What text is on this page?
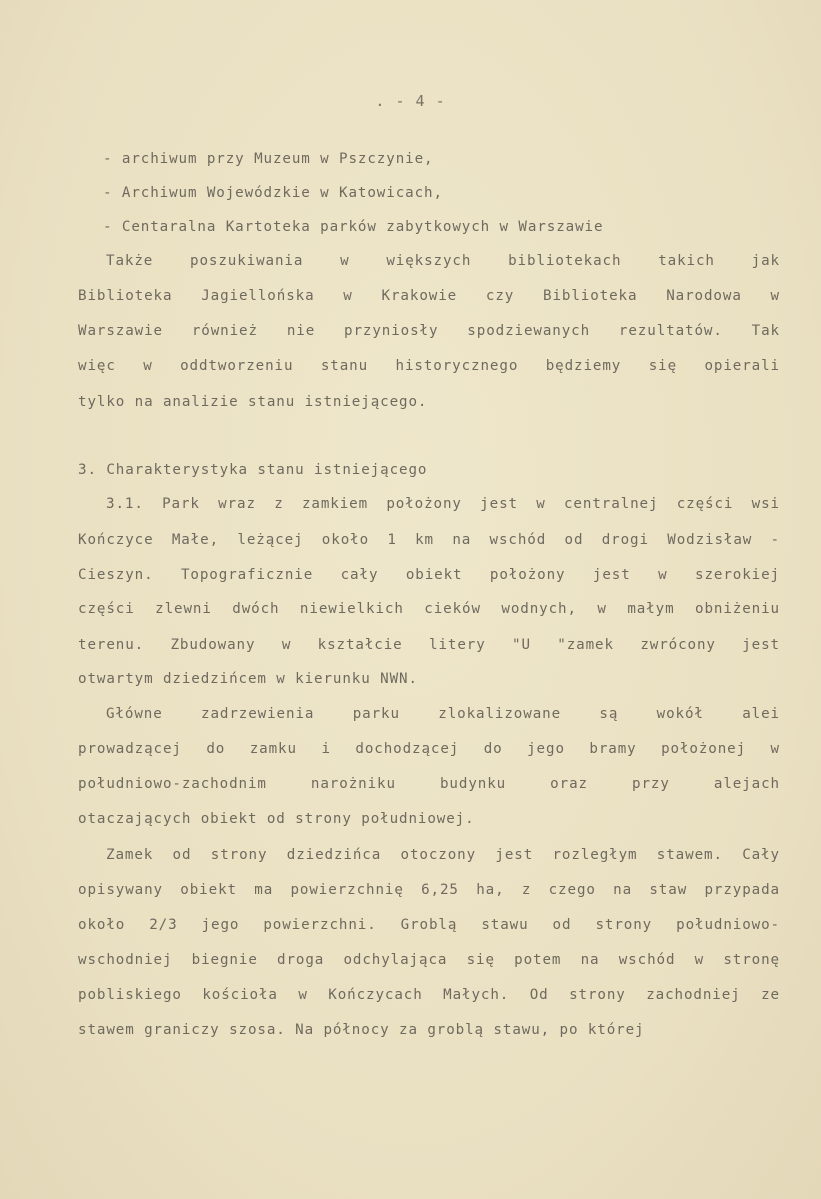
. - 4 -
- archiwum przy Muzeum w Pszczynie,
- Archiwum Wojewódzkie w Katowicach,
- Centaralna Kartoteka parków zabytkowych w Warszawie
Także poszukiwania w większych bibliotekach takich jak
Biblioteka Jagiellońska w Krakowie czy Biblioteka Narodowa w
Warszawie również nie przyniosły spodziewanych rezultatów. Tak
więc w oddtworzeniu stanu historycznego będziemy się opierali
tylko na analizie stanu istniejącego.
3. Charakterystyka stanu istniejącego
3.1. Park wraz z zamkiem położony jest w centralnej części wsi
Kończyce Małe, leżącej około 1 km na wschód od drogi Wodzisław -
Cieszyn. Topograficznie cały obiekt położony jest w szerokiej
części zlewni dwóch niewielkich cieków wodnych, w małym obniżeniu
terenu. Zbudowany w kształcie litery "U "zamek zwrócony jest
otwartym dziedzińcem w kierunku NWN.
Główne zadrzewienia parku zlokalizowane są wokół alei
prowadzącej do zamku i dochodzącej do jego bramy położonej w
południowo-zachodnim narożniku budynku oraz przy alejach
otaczających obiekt od strony południowej.
Zamek od strony dziedzińca otoczony jest rozległym stawem. Cały
opisywany obiekt ma powierzchnię 6,25 ha, z czego na staw przypada
około 2/3 jego powierzchni. Groblą stawu od strony południowo-
wschodniej biegnie droga odchylająca się potem na wschód w stronę
pobliskiego kościoła w Kończycach Małych. Od strony zachodniej ze
stawem graniczy szosa. Na północy za groblą stawu, po której
